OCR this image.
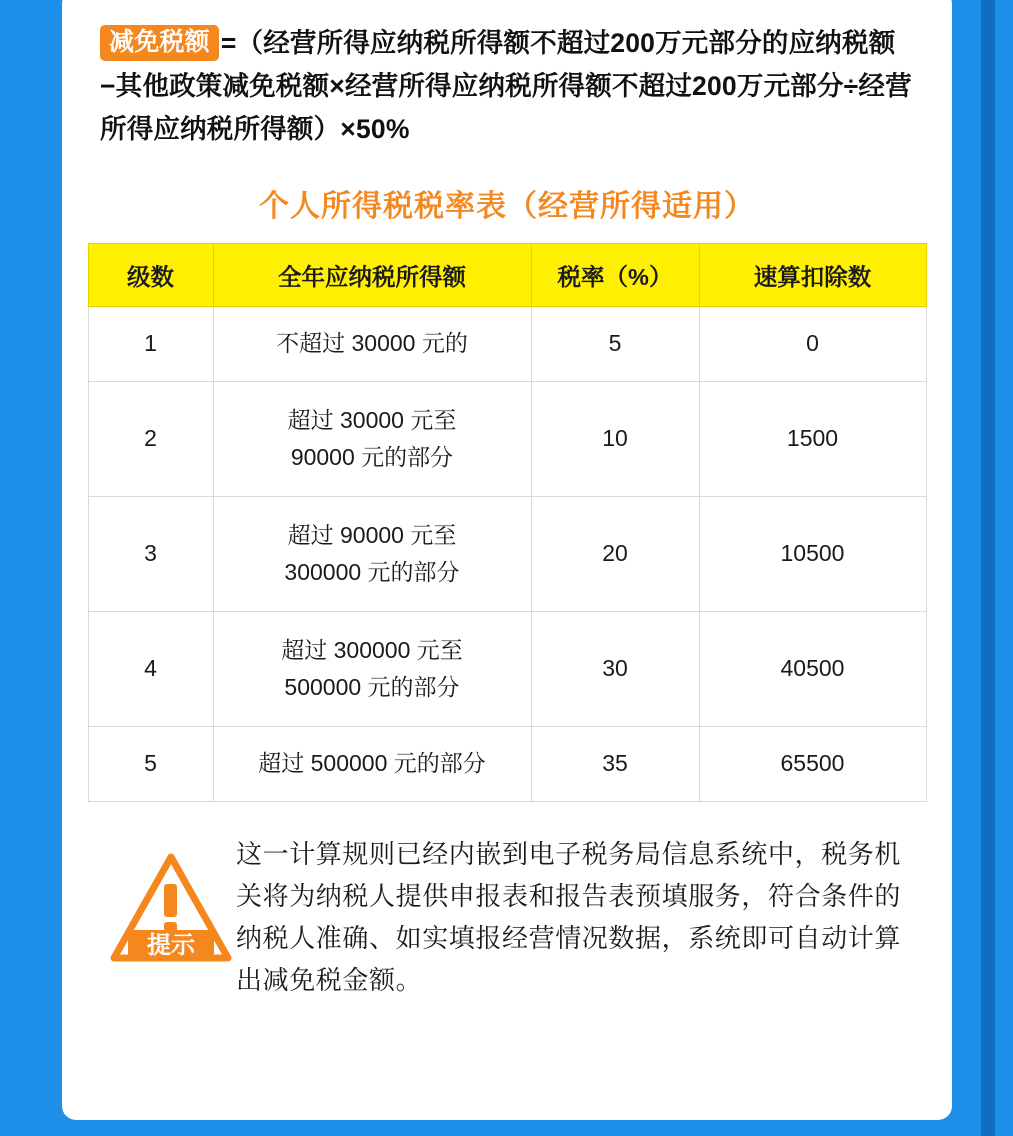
减免税额 =（经营所得应纳税所得额不超过200万元部分的应纳税额−其他政策减免税额×经营所得应纳税所得额不超过200万元部分÷经营所得应纳税所得额）×50%
个人所得税税率表（经营所得适用）
级数	全年应纳税所得额	税率（%）	速算扣除数
1	不超过 30000 元的	5	0
2	超过 30000 元至
90000 元的部分	10	1500
3	超过 90000 元至
300000 元的部分	20	10500
4	超过 300000 元至
500000 元的部分	30	40500
5	超过 500000 元的部分	35	65500
提示
这一计算规则已经内嵌到电子税务局信息系统中，税务机关将为纳税人提供申报表和报告表预填服务，符合条件的纳税人准确、如实填报经营情况数据，系统即可自动计算出减免税金额。
